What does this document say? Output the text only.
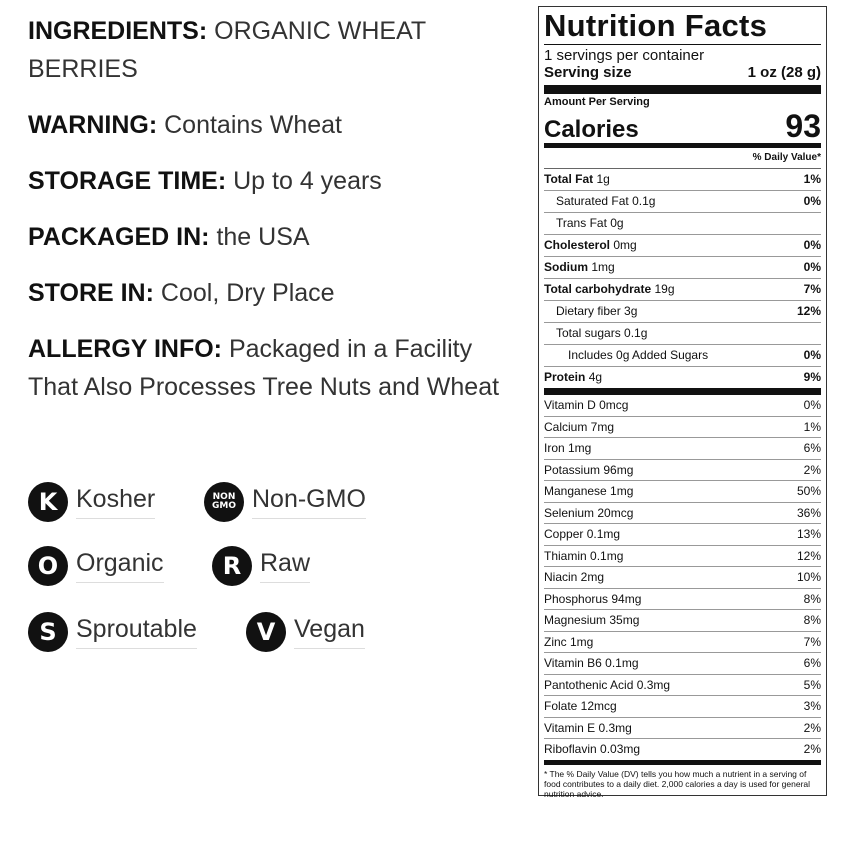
INGREDIENTS: ORGANIC WHEAT BERRIES

WARNING: Contains Wheat

STORAGE TIME: Up to 4 years

PACKAGED IN: the USA

STORE IN: Cool, Dry Place

ALLERGY INFO: Packaged in a Facility That Also Processes Tree Nuts and Wheat

K Kosher	NON GMO Non-GMO
O Organic	R Raw
S Sproutable	V Vegan
Nutrition Facts
1 servings per container
Serving size	1 oz (28 g)
Amount Per Serving
Calories	93
% Daily Value*
Total Fat 1g	1%
Saturated Fat 0.1g	0%
Trans Fat 0g
Cholesterol 0mg	0%
Sodium 1mg	0%
Total carbohydrate 19g	7%
Dietary fiber 3g	12%
Total sugars 0.1g
Includes 0g Added Sugars	0%
Protein 4g	9%
Vitamin D 0mcg	0%
Calcium 7mg	1%
Iron 1mg	6%
Potassium 96mg	2%
Manganese 1mg	50%
Selenium 20mcg	36%
Copper 0.1mg	13%
Thiamin 0.1mg	12%
Niacin 2mg	10%
Phosphorus 94mg	8%
Magnesium 35mg	8%
Zinc 1mg	7%
Vitamin B6 0.1mg	6%
Pantothenic Acid 0.3mg	5%
Folate 12mcg	3%
Vitamin E 0.3mg	2%
Riboflavin 0.03mg	2%
* The % Daily Value (DV) tells you how much a nutrient in a serving of food contributes to a daily diet. 2,000 calories a day is used for general nutrition advice.
